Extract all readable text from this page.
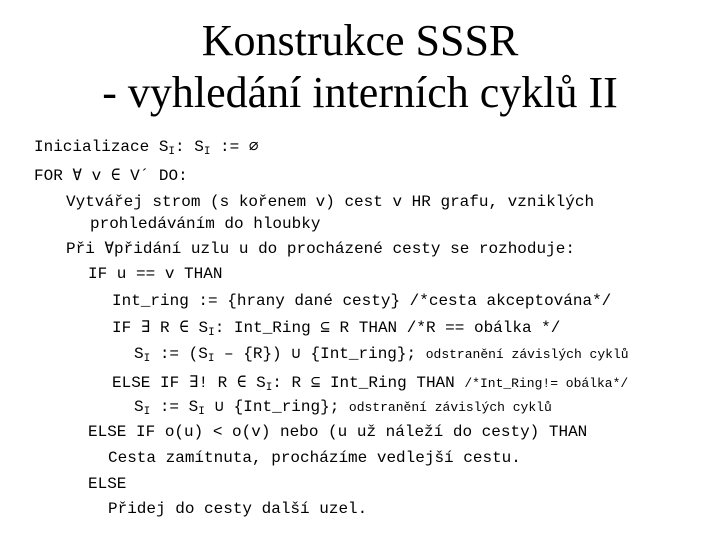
Konstrukce SSSR
- vyhledání interních cyklů II
Inicializace $S_I$: $S_I$ := ∅
FOR ∀ v ∈ V´ DO:
Vytvářej strom (s kořenem v) cest v HR grafu, vzniklých
prohledáváním do hloubky
Při ∀přidání uzlu u do procházené cesty se rozhoduje:
IF u == v THAN
Int_ring := {hrany dané cesty} /*cesta akceptována*/
IF ∃ R ∈ $S_I$: Int_Ring ⊆ R THAN /*R == obálka */
$S_I$ := $(S_I - \{R\})$ ∪ {Int_ring}; odstranění závislých cyklů
ELSE IF ∃! R ∈ $S_I$: R ⊆ Int_Ring THAN /*Int_Ring!= obálka*/
$S_I$ := $S_I$ ∪ {Int_ring}; odstranění závislých cyklů
ELSE IF o(u) < o(v) nebo (u už náleží do cesty) THAN
Cesta zamítnuta, procházíme vedlejší cestu.
ELSE
Přidej do cesty další uzel.
